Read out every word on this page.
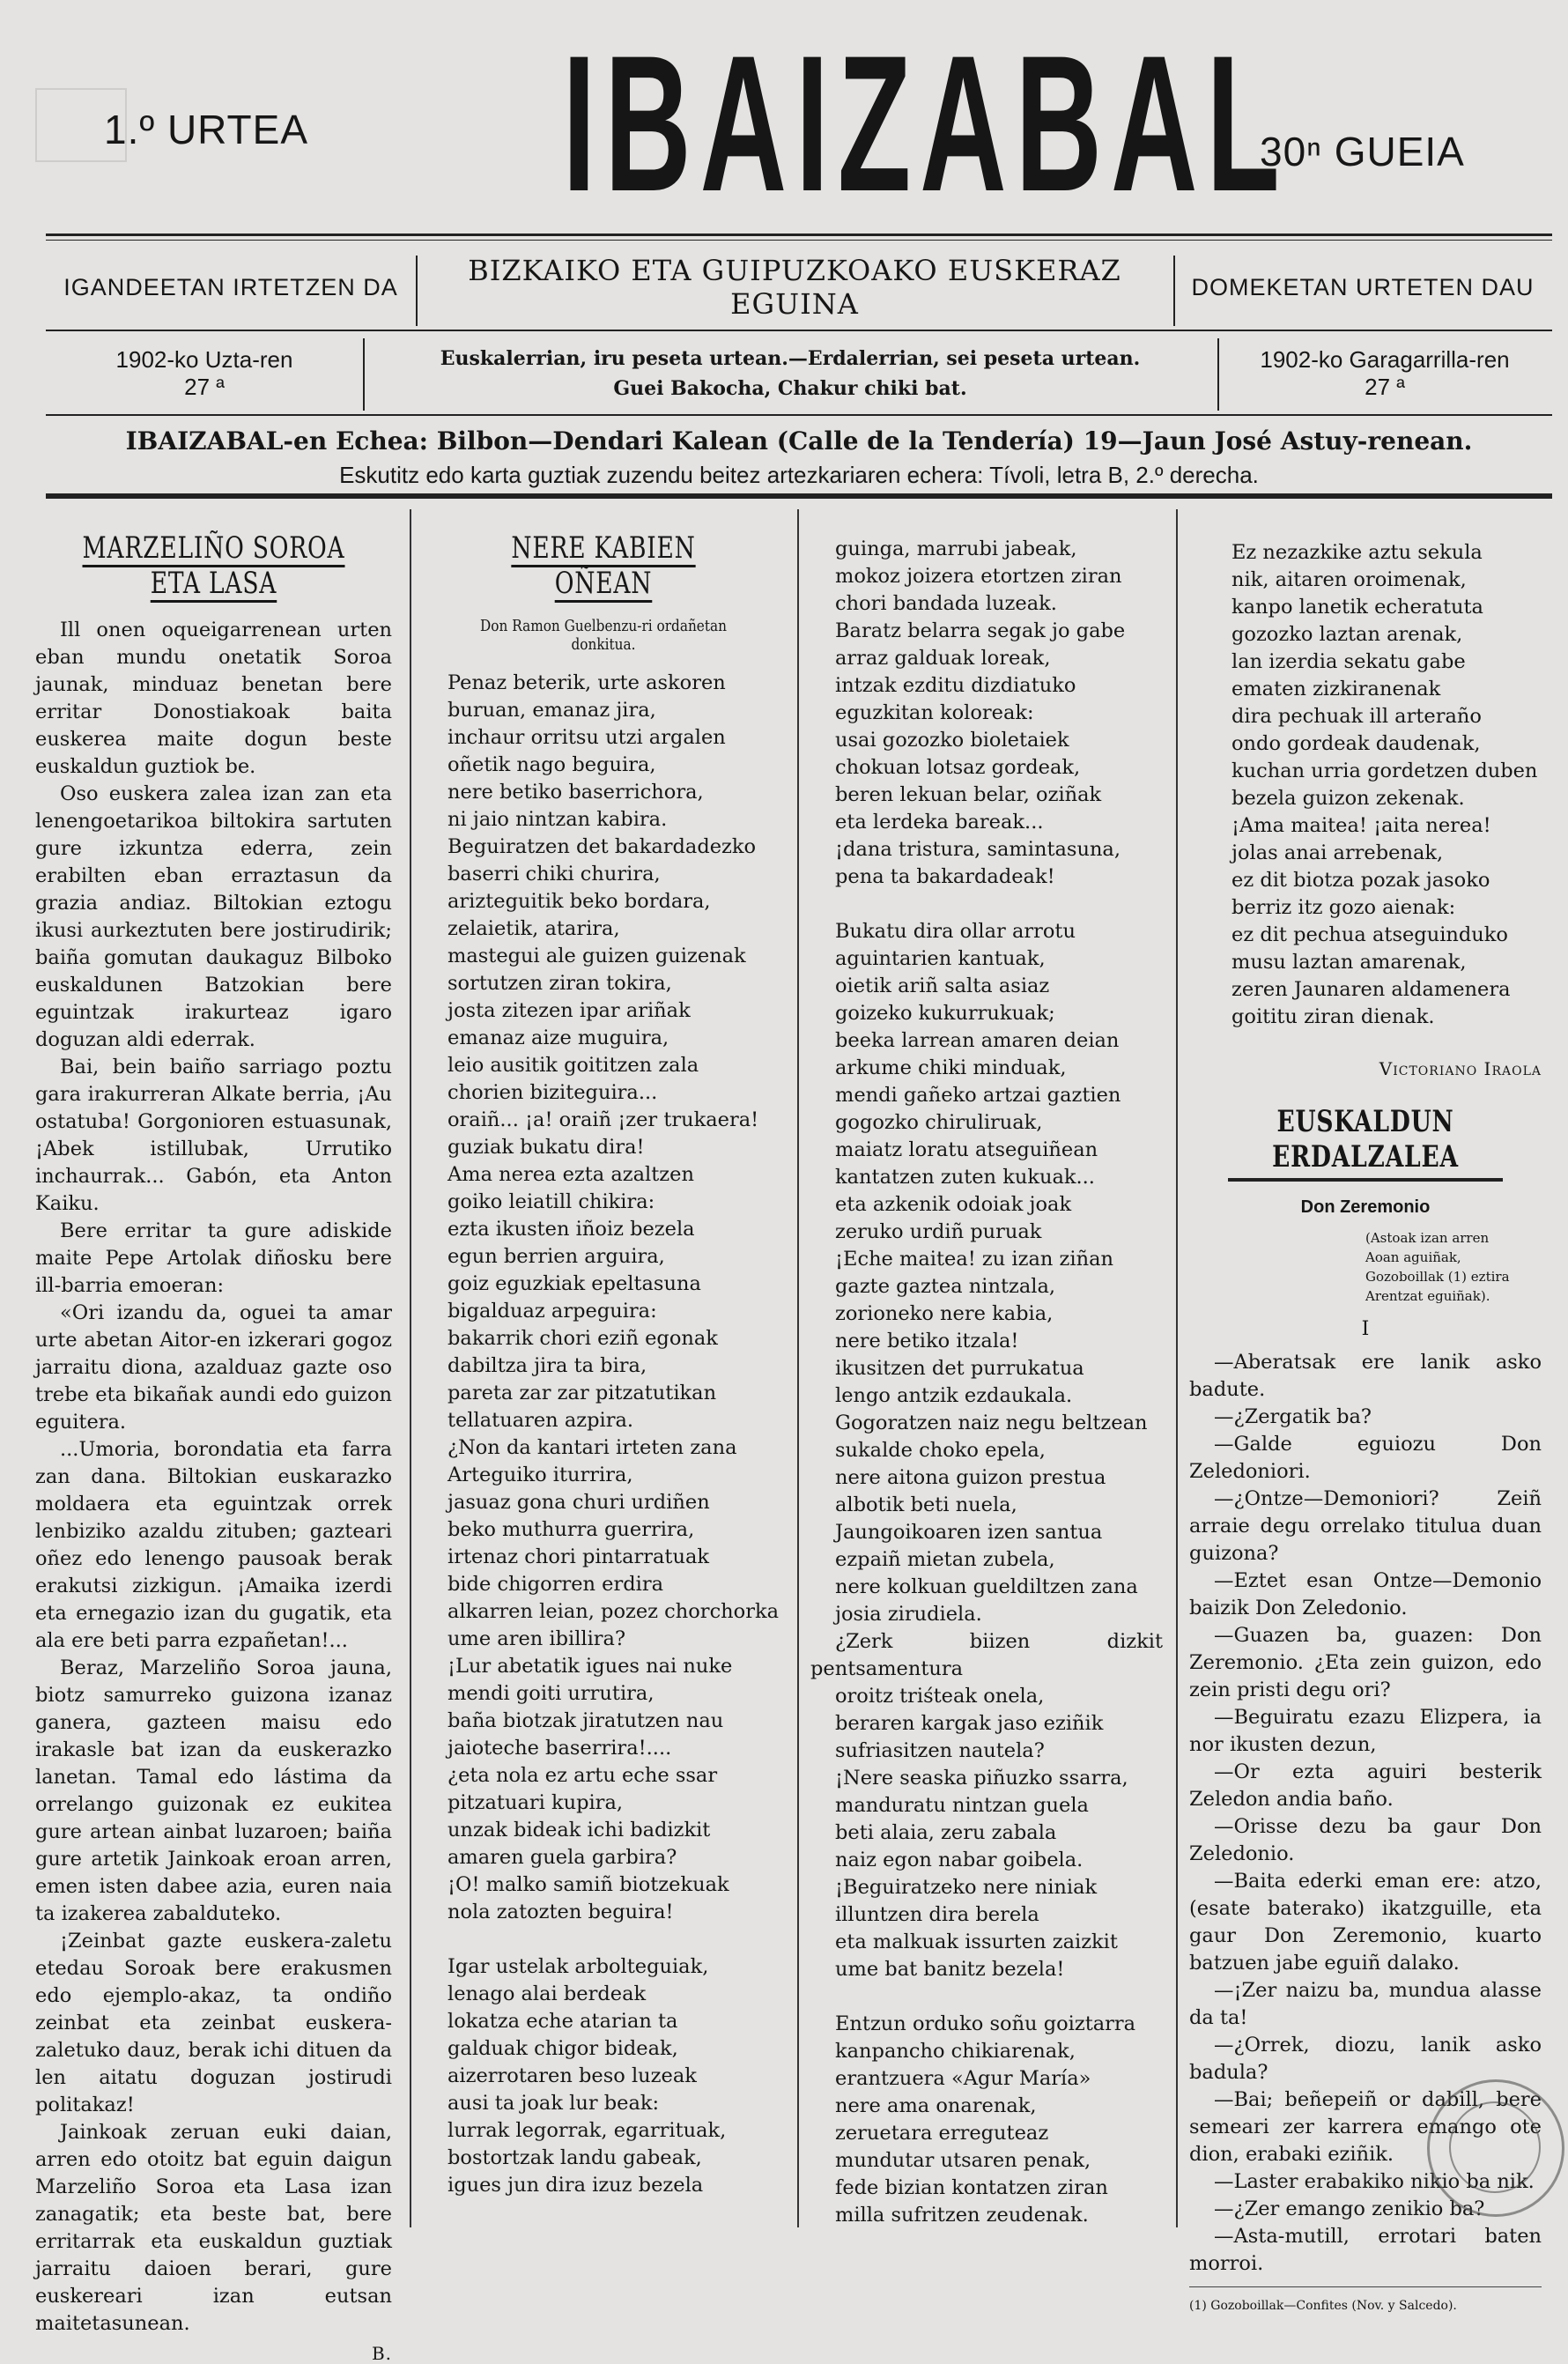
1.º URTEA IBAIZABAL
30ⁿ GUEIA
IGANDEETAN IRTETZEN DA	BIZKAIKO ETA GUIPUZKOAKO EUSKERAZ EGUINA
DOMEKETAN URTETEN DAU
1902-ko Uzta-ren
27 ª
Euskalerrian, iru peseta urtean.—Erdalerrian, sei peseta urtean.
Guei Bakocha, Chakur chiki bat.
1902-ko Garagarrilla-ren
27 ª
IBAIZABAL-en Echea: Bilbon—Dendari Kalean (Calle de la Tendería) 19—Jaun José Astuy-renean.
Eskutitz edo karta guztiak zuzendu beitez artezkariaren echera: Tívoli, letra B, 2.º derecha.
MARZELIÑO SOROA ETA LASA

Ill onen oqueigarrenean urten eban mundu onetatik Soroa jaunak, minduaz benetan bere erritar Donostiakoak baita euskerea maite dogun beste euskaldun guztiok be.

Oso euskera zalea izan zan eta lenengoetarikoa biltokira sartuten gure izkuntza ederra, zein erabilten eban erraztasun da grazia andiaz. Biltokian eztogu ikusi aurkeztuten bere jostirudirik; baiña gomutan daukaguz Bilboko euskaldunen Batzokian bere eguintzak irakurteaz igaro doguzan aldi ederrak.

Bai, bein baiño sarriago poztu gara irakurreran Alkate berria, ¡Au ostatuba! Gorgonioren estuasunak, ¡Abek istillubak, Urrutiko inchaurrak... Gabón, eta Anton Kaiku.

Bere erritar ta gure adiskide maite Pepe Artolak diñosku bere ill-barria emoeran:

«Ori izandu da, oguei ta amar urte abetan Aitor-en izkerari gogoz jarraitu diona, azalduaz gazte oso trebe eta bikañak aundi edo guizon eguitera.

...Umoria, borondatia eta farra zan dana. Biltokian euskarazko moldaera eta eguintzak orrek lenbiziko azaldu zituben; gazteari oñez edo lenengo pausoak berak erakutsi zizkigun. ¡Amaika izerdi eta ernegazio izan du gugatik, eta ala ere beti parra ezpañetan!...

Beraz, Marzeliño Soroa jauna, biotz samurreko guizona izanaz ganera, gazteen maisu edo irakasle bat izan da euskerazko lanetan. Tamal edo lástima da orrelango guizonak ez eukitea gure artean ainbat luzaroen; baiña gure artetik Jainkoak eroan arren, emen isten dabee azia, euren naia ta izakerea zabalduteko.

¡Zeinbat gazte euskera-zaletu etedau Soroak bere erakusmen edo ejemplo-akaz, ta ondiño zeinbat eta zeinbat euskera-zaletuko dauz, berak ichi dituen da len aitatu doguzan jostirudi politakaz!

Jainkoak zeruan euki daian, arren edo otoitz bat eguin daigun Marzeliño Soroa eta Lasa izan zanagatik; eta beste bat, bere erritarrak eta euskaldun guztiak jarraitu daioen berari, gure euskereari izan eutsan maitetasunean.

B.
NERE KABIEN OÑEAN
Don Ramon Guelbenzu-ri ordañetan donkitua.

Penaz beterik, urte askoren

buruan, emanaz jira,

inchaur orritsu utzi argalen

oñetik nago beguira,

nere betiko baserrichora,

ni jaio nintzan kabira.

Beguiratzen det bakardadezko

baserri chiki churira,

arizteguitik beko bordara,

zelaietik, atarira,

mastegui ale guizen guizenak

sortutzen ziran tokira,

josta zitezen ipar ariñak

emanaz aize muguira,

leio ausitik goititzen zala

chorien biziteguira...

oraiñ... ¡a! oraiñ ¡zer trukaera!

guziak bukatu dira!

Ama nerea ezta azaltzen

goiko leiatill chikira:

ezta ikusten iñoiz bezela

egun berrien arguira,

goiz eguzkiak epeltasuna

bigalduaz arpeguira:

bakarrik chori eziñ egonak

dabiltza jira ta bira,

pareta zar zar pitzatutikan

tellatuaren azpira.

¿Non da kantari irteten zana

Arteguiko iturrira,

jasuaz gona churi urdiñen

beko muthurra guerrira,

irtenaz chori pintarratuak

bide chigorren erdira

alkarren leian, pozez chorchorka

ume aren ibillira?

¡Lur abetatik igues nai nuke

mendi goiti urrutira,

baña biotzak jiratutzen nau

jaioteche baserrira!....

¿eta nola ez artu eche ssar

pitzatuari kupira,

unzak bideak ichi badizkit

amaren guela garbira?

¡O! malko samiñ biotzekuak

nola zatozten beguira!

Igar ustelak arbolteguiak,

lenago alai berdeak

lokatza eche atarian ta

galduak chigor bideak,

aizerrotaren beso luzeak

ausi ta joak lur beak:

lurrak legorrak, egarrituak,

bostortzak landu gabeak,

igues jun dira izuz bezela

guinga, marrubi jabeak,

mokoz joizera etortzen ziran

chori bandada luzeak.

Baratz belarra segak jo gabe

arraz galduak loreak,

intzak ezditu dizdiatuko

eguzkitan koloreak:

usai gozozko bioletaiek

chokuan lotsaz gordeak,

beren lekuan belar, oziñak

eta lerdeka bareak...

¡dana tristura, samintasuna,

pena ta bakardadeak!

Bukatu dira ollar arrotu

aguintarien kantuak,

oietik ariñ salta asiaz

goizeko kukurrukuak;

beeka larrean amaren deian

arkume chiki minduak,

mendi gañeko artzai gaztien

gogozko chiruliruak,

maiatz loratu atseguiñean

kantatzen zuten kukuak...

eta azkenik odoiak joak

zeruko urdiñ puruak

¡Eche maitea! zu izan ziñan

gazte gaztea nintzala,

zorioneko nere kabia,

nere betiko itzala!

ikusitzen det purrukatua

lengo antzik ezdaukala.

Gogoratzen naiz negu beltzean

sukalde choko epela,

nere aitona guizon prestua

albotik beti nuela,

Jaungoikoaren izen santua

ezpaiñ mietan zubela,

nere kolkuan gueldiltzen zana

josia zirudiela.

¿Zerk biizen dizkit pentsamentura

oroitz triśteak onela,

beraren kargak jaso eziñik

sufriasitzen nautela?

¡Nere seaska piñuzko ssarra,

manduratu nintzan guela

beti alaia, zeru zabala

naiz egon nabar goibela.

¡Beguiratzeko nere niniak

illuntzen dira berela

eta malkuak issurten zaizkit

ume bat banitz bezela!

Entzun orduko soñu goiztarra

kanpancho chikiarenak,

erantzuera «Agur María»

nere ama onarenak,

zeruetara erreguteaz

mundutar utsaren penak,

fede bizian kontatzen ziran

milla sufritzen zeudenak.

Ez nezazkike aztu sekula

nik, aitaren oroimenak,

kanpo lanetik echeratuta

gozozko laztan arenak,

lan izerdia sekatu gabe

ematen zizkiranenak

dira pechuak ill arteraño

ondo gordeak daudenak,

kuchan urria gordetzen duben

bezela guizon zekenak.

¡Ama maitea! ¡aita nerea!

jolas anai arrebenak,

ez dit biotza pozak jasoko

berriz itz gozo aienak:

ez dit pechua atseguinduko

musu laztan amarenak,

zeren Jaunaren aldamenera

goititu ziran dienak.

Victoriano Iraola
EUSKALDUN ERDALZALEA
Don Zeremonio
(Astoak izan arren
Aoan aguiñak,
Gozoboillak (1) eztira
Arentzat eguiñak).
I

—Aberatsak ere lanik asko badute.

—¿Zergatik ba?

—Galde eguiozu Don Zeledoniori.

—¿Ontze—Demoniori? Zeiñ arraie degu orrelako titulua duan guizona?

—Eztet esan Ontze—Demonio baizik Don Zeledonio.

—Guazen ba, guazen: Don Zeremonio. ¿Eta zein guizon, edo zein pristi degu ori?

—Beguiratu ezazu Elizpera, ia nor ikusten dezun,

—Or ezta aguiri besterik Zeledon andia baño.

—Orisse dezu ba gaur Don Zeledonio.

—Baita ederki eman ere: atzo, (esate baterako) ikatzguille, eta gaur Don Zeremonio, kuarto batzuen jabe eguiñ dalako.

—¡Zer naizu ba, mundua alasse da ta!

—¿Orrek, diozu, lanik asko badula?

—Bai; beñepeiñ or dabill, bere semeari zer karrera emango ote dion, erabaki eziñik.

—Laster erabakiko nikio ba nik.

—¿Zer emango zenikio ba?

—Asta-mutill, errotari baten morroi.

(1) Gozoboillak—Confites (Nov. y Salcedo).
